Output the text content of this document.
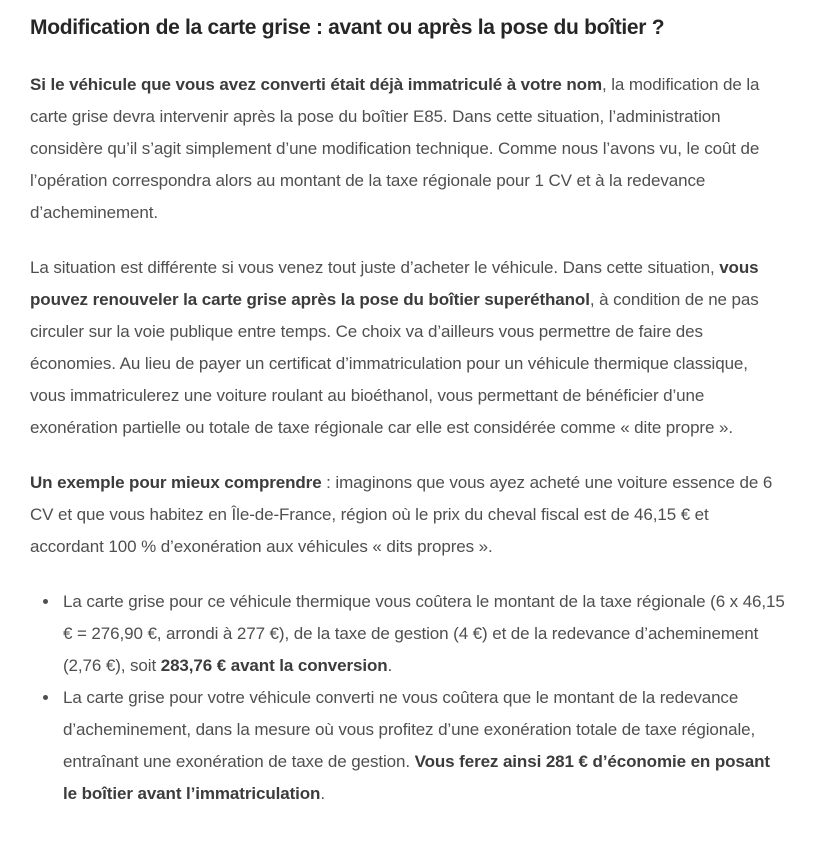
Modification de la carte grise : avant ou après la pose du boîtier ?

Si le véhicule que vous avez converti était déjà immatriculé à votre nom, la modification de la carte grise devra intervenir après la pose du boîtier E85. Dans cette situation, l’administration considère qu’il s’agit simplement d’une modification technique. Comme nous l’avons vu, le coût de l’opération correspondra alors au montant de la taxe régionale pour 1 CV et à la redevance d’acheminement.

La situation est différente si vous venez tout juste d’acheter le véhicule. Dans cette situation, vous pouvez renouveler la carte grise après la pose du boîtier superéthanol, à condition de ne pas circuler sur la voie publique entre temps. Ce choix va d’ailleurs vous permettre de faire des économies. Au lieu de payer un certificat d’immatriculation pour un véhicule thermique classique, vous immatriculerez une voiture roulant au bioéthanol, vous permettant de bénéficier d’une exonération partielle ou totale de taxe régionale car elle est considérée comme « dite propre ».

Un exemple pour mieux comprendre : imaginons que vous ayez acheté une voiture essence de 6 CV et que vous habitez en Île-de-France, région où le prix du cheval fiscal est de 46,15 € et accordant 100 % d’exonération aux véhicules « dits propres ».

• La carte grise pour ce véhicule thermique vous coûtera le montant de la taxe régionale (6 x 46,15 € = 276,90 €, arrondi à 277 €), de la taxe de gestion (4 €) et de la redevance d’acheminement (2,76 €), soit 283,76 € avant la conversion.
• La carte grise pour votre véhicule converti ne vous coûtera que le montant de la redevance d’acheminement, dans la mesure où vous profitez d’une exonération totale de taxe régionale, entraînant une exonération de taxe de gestion. Vous ferez ainsi 281 € d’économie en posant le boîtier avant l’immatriculation.
